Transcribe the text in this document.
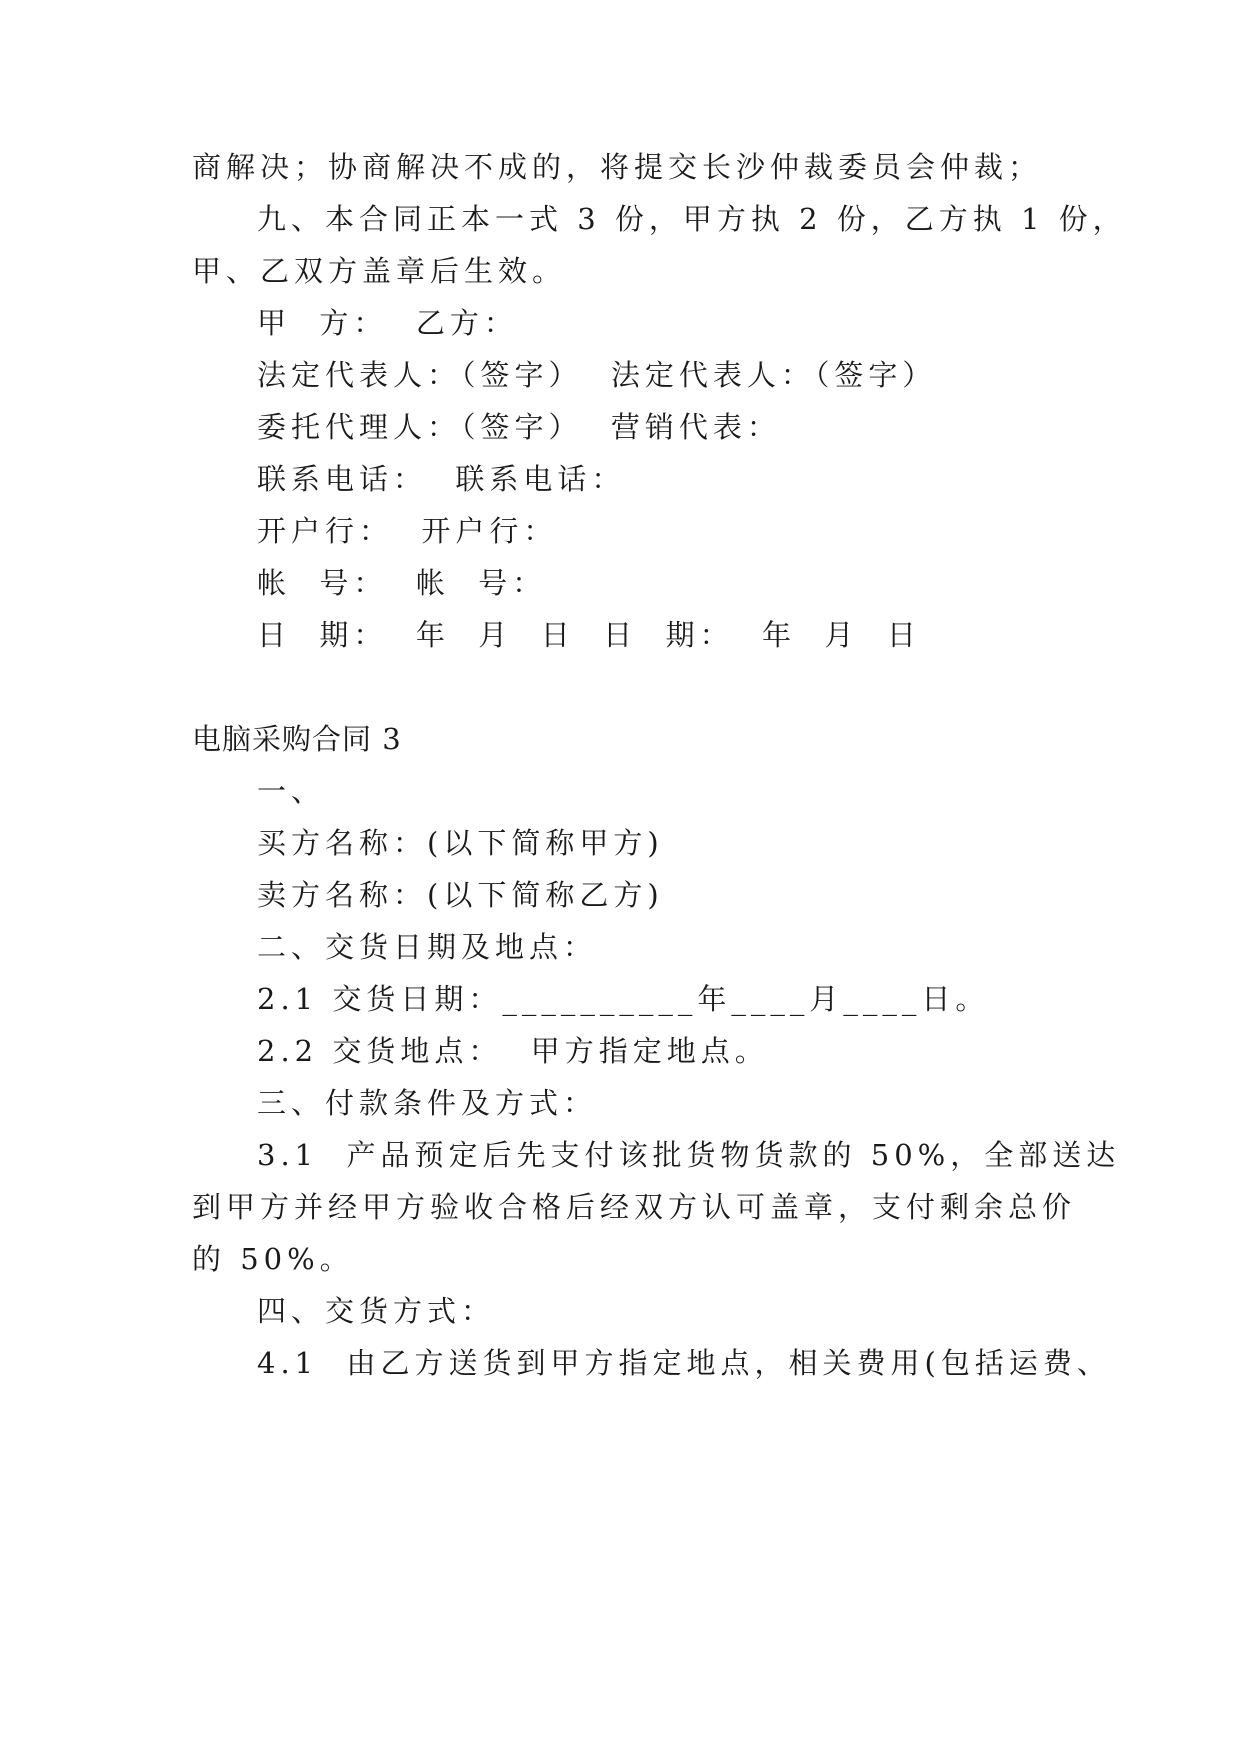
商解决；协商解决不成的，将提交长沙仲裁委员会仲裁；
九、本合同正本一式 3 份，甲方执 2 份，乙方执 1 份，
甲、乙双方盖章后生效。
甲  方：  乙方：
法定代表人：（签字）  法定代表人：（签字）
委托代理人：（签字）  营销代表：
联系电话：  联系电话：
开户行：  开户行：
帐  号：  帐  号：
日  期：  年  月  日  日  期：  年  月  日
电脑采购合同 3
一、
买方名称：(以下简称甲方)
卖方名称：(以下简称乙方)
二、交货日期及地点：
2.1 交货日期：__________年____月____日。
2.2 交货地点：  甲方指定地点。
三、付款条件及方式：
3.1  产品预定后先支付该批货物货款的 50%，全部送达
到甲方并经甲方验收合格后经双方认可盖章，支付剩余总价
的 50%。
四、交货方式：
4.1  由乙方送货到甲方指定地点，相关费用(包括运费、
